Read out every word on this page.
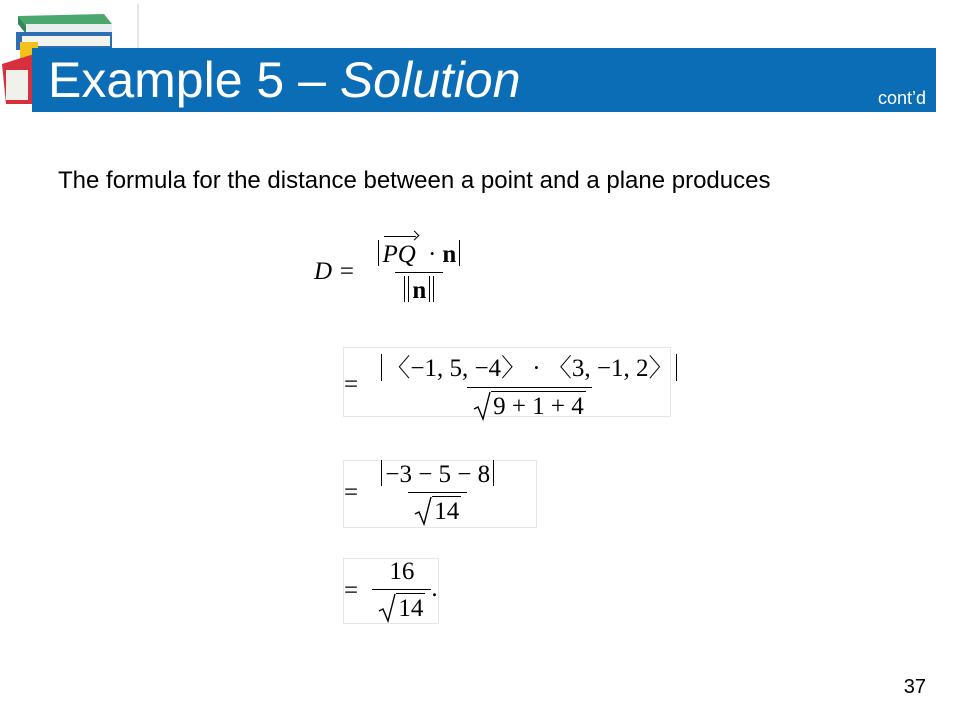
Example 5 – Solution	cont’d
The formula for the distance between a point and a plane produces
$D = \frac{PQ \cdot n}{n}$
= $\frac{〈-1, 5, -4〉 \cdot 〈3, -1, 2〉}{9 + 1 + 4}$
= $\frac{-3 - 5 - 8}{14}$
= $\frac{16}{14}$ .
37
